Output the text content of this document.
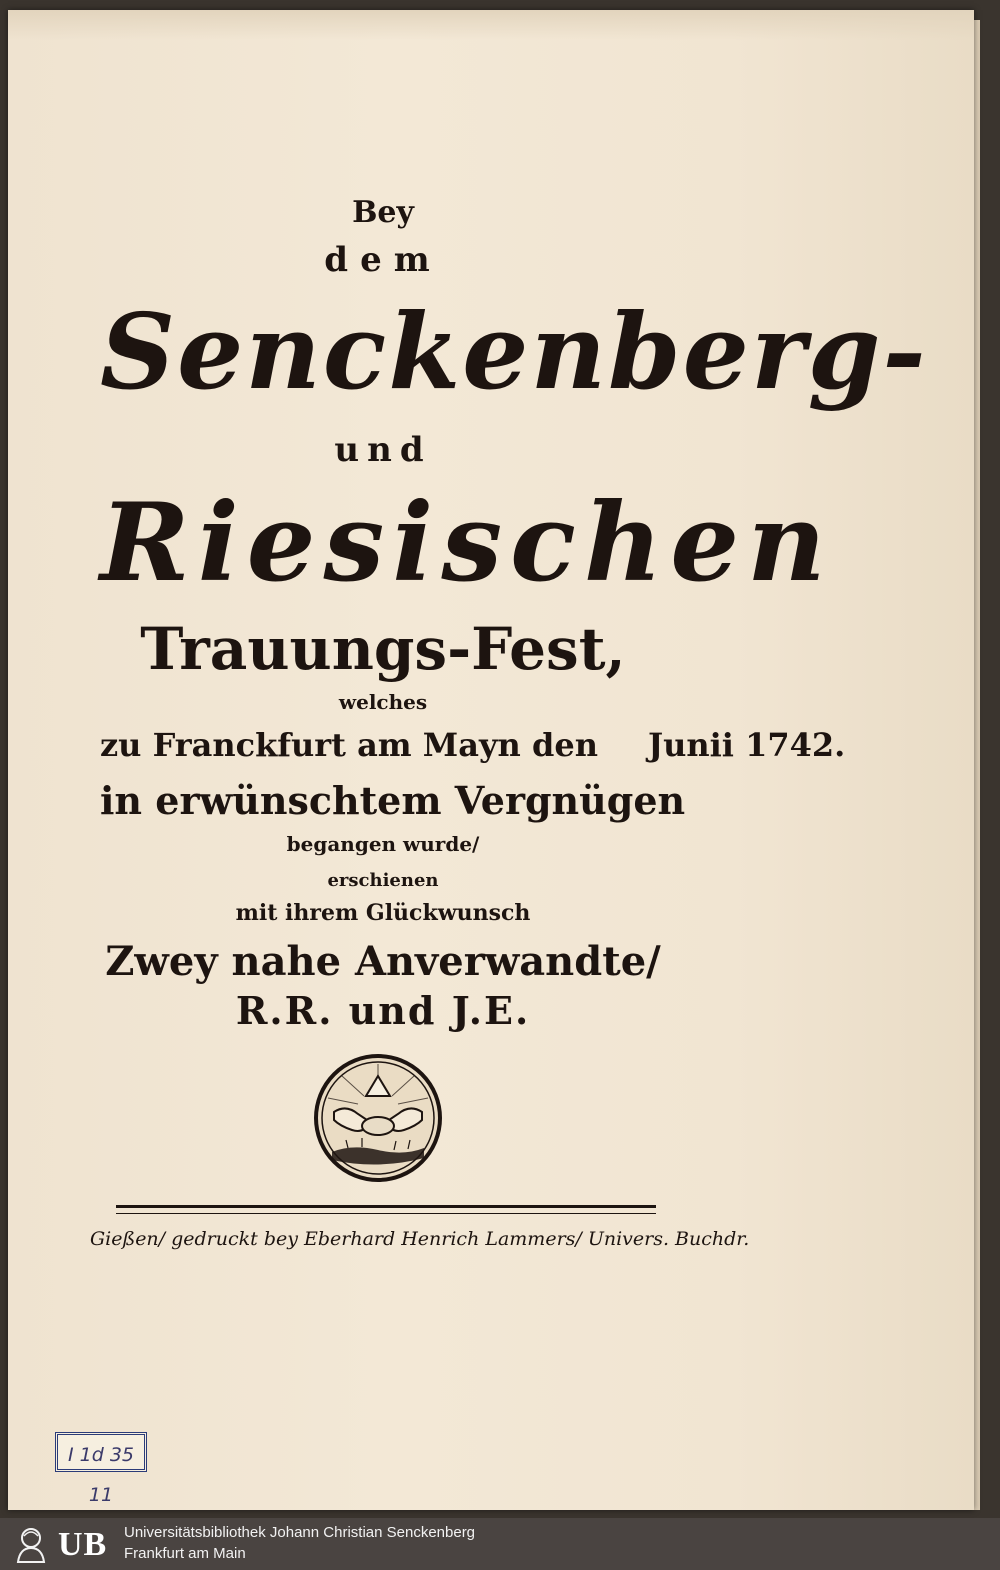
Bey

dem

Senckenberg-

und

Riesischen

Trauungs-Fest,

welches

zu Franckfurt am Mayn den Junii 1742.

in erwünschtem Vergnügen

begangen wurde/

erschienen

mit ihrem Glückwunsch

Zwey nahe Anverwandte/

R.R. und J.E.

Gießen/ gedruckt bey Eberhard Henrich Lammers/ Univers. Buchdr.

I 1d 35 11
UB Universitätsbibliothek Johann Christian Senckenberg
Frankfurt am Main
